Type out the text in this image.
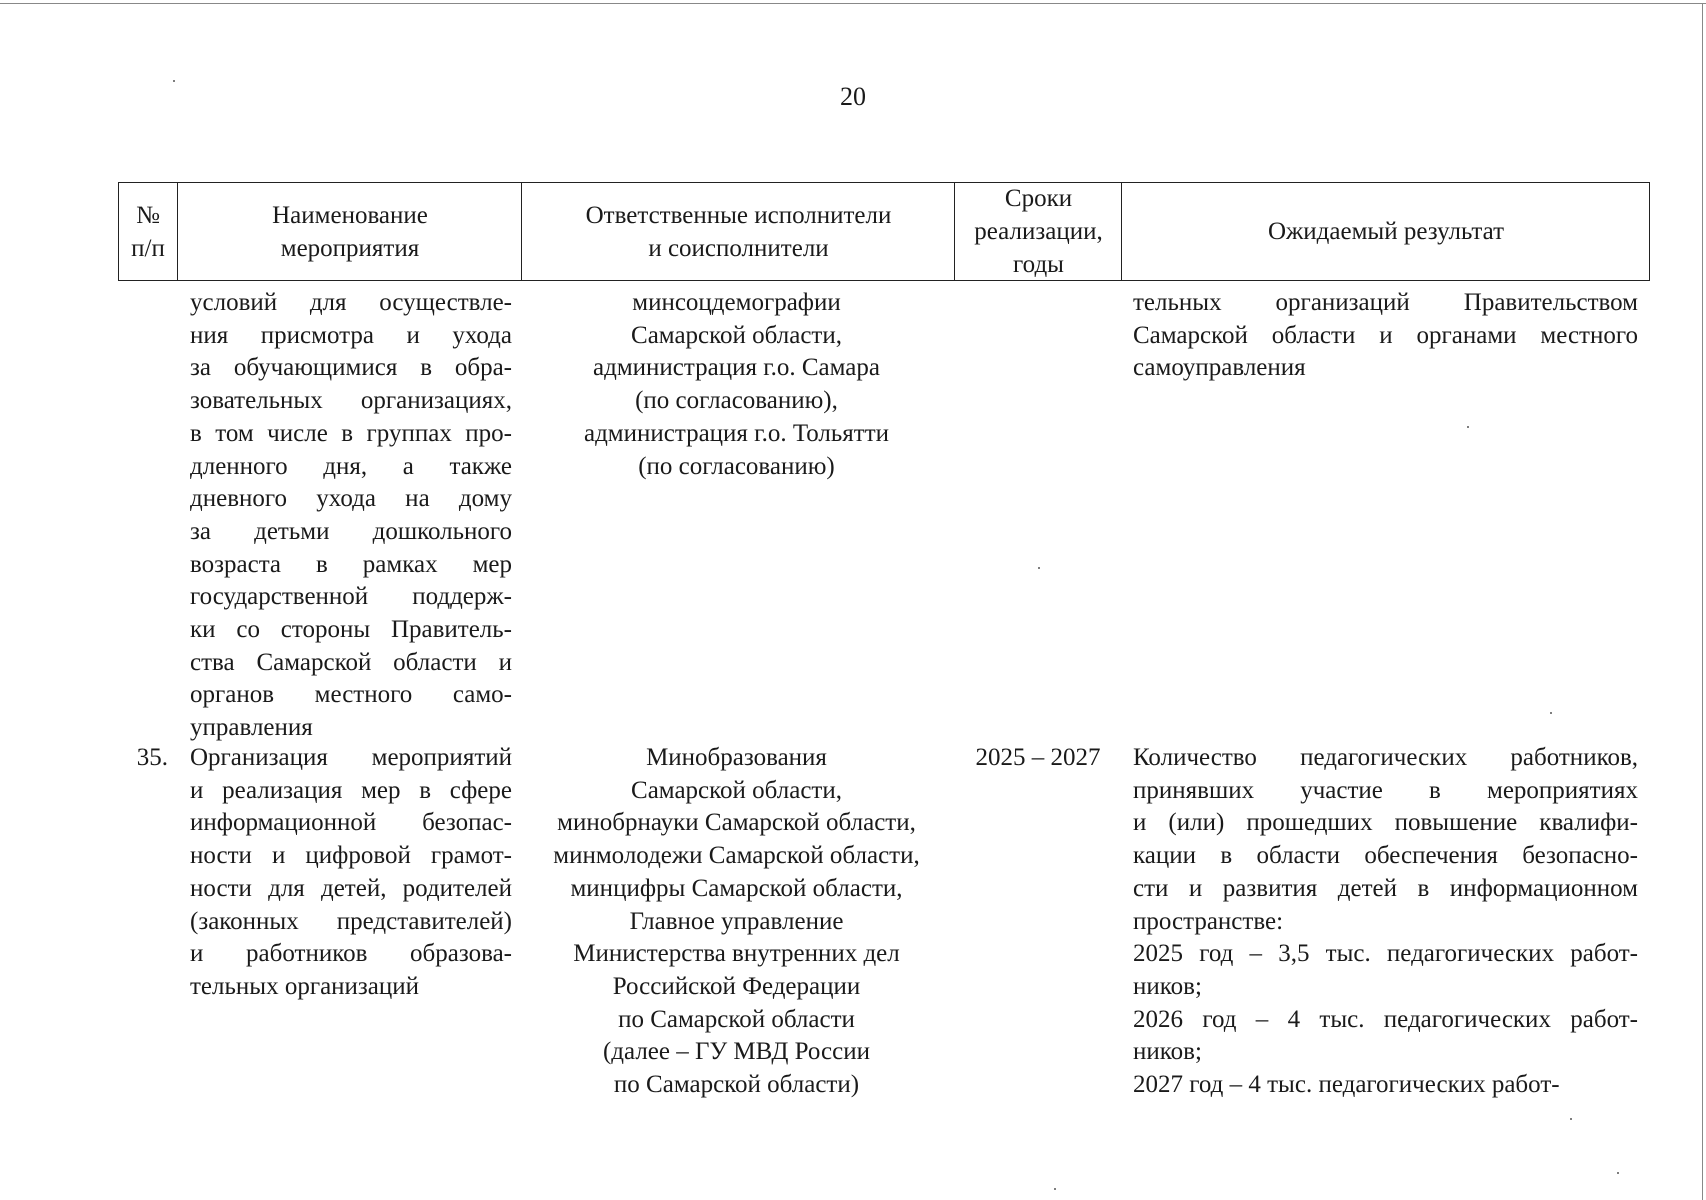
20
№
п/п
Наименование
мероприятия
Ответственные исполнители
и соисполнители
Сроки
реализации,
годы
Ожидаемый результат
условий для осуществле-
ния присмотра и ухода
за обучающимися в обра-
зовательных организациях,
в том числе в группах про-
дленного дня, а также
дневного ухода на дому
за детьми дошкольного
возраста в рамках мер
государственной поддерж-
ки со стороны Правитель-
ства Самарской области и
органов местного само-
управления
минсоцдемографии
Самарской области,
администрация г.о. Самара
(по согласованию),
администрация г.о. Тольятти
(по согласованию)
тельных организаций Правительством
Самарской области и органами местного
самоуправления
35. Организация мероприятий
и реализация мер в сфере
информационной безопас-
ности и цифровой грамот-
ности для детей, родителей
(законных представителей)
и работников образова-
тельных организаций
Минобразования
Самарской области,
минобрнауки Самарской области,
минмолодежи Самарской области,
минцифры Самарской области,
Главное управление
Министерства внутренних дел
Российской Федерации
по Самарской области
(далее – ГУ МВД России
по Самарской области)
2025 – 2027	Количество педагогических работников,
принявших участие в мероприятиях
и (или) прошедших повышение квалифи-
кации в области обеспечения безопасно-
сти и развития детей в информационном
пространстве:
2025 год – 3,5 тыс. педагогических работ-
ников;
2026 год – 4 тыс. педагогических работ-
ников;
2027 год – 4 тыс. педагогических работ-
